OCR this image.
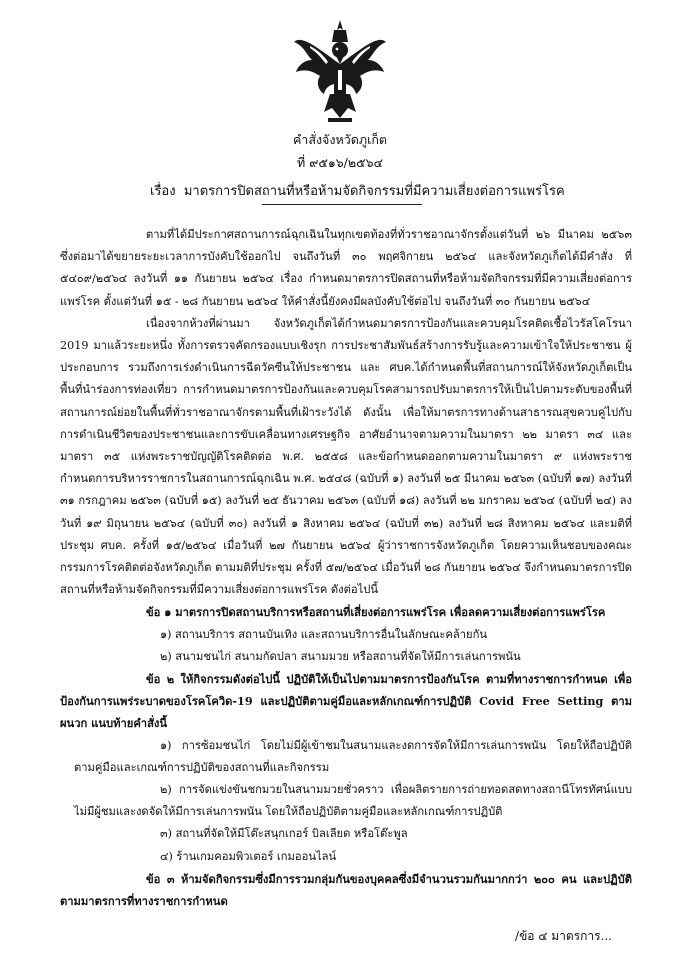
คำสั่งจังหวัดภูเก็ต
ที่ ๙๕๑๖/๒๕๖๔
เรื่อง มาตรการปิดสถานที่หรือห้ามจัดกิจกรรมที่มีความเสี่ยงต่อการแพร่โรค

ตามที่ได้มีประกาศสถานการณ์ฉุกเฉินในทุกเขตท้องที่ทั่วราชอาณาจักรตั้งแต่วันที่ ๒๖ มีนาคม ๒๕๖๓ ซึ่งต่อมาได้ขยายระยะเวลาการบังคับใช้ออกไป จนถึงวันที่ ๓๐ พฤศจิกายน ๒๕๖๔ และจังหวัดภูเก็ตได้มีคำสั่ง ที่ ๕๔๐๙/๒๕๖๔ ลงวันที่ ๑๑ กันยายน ๒๕๖๔ เรื่อง กำหนดมาตรการปิดสถานที่หรือห้ามจัดกิจกรรมที่มีความเสี่ยงต่อการแพร่โรค ตั้งแต่วันที่ ๑๕ - ๒๘ กันยายน ๒๕๖๔ ให้คำสั่งนี้ยังคงมีผลบังคับใช้ต่อไป จนถึงวันที่ ๓๐ กันยายน ๒๕๖๔

เนื่องจากห้วงที่ผ่านมา จังหวัดภูเก็ตได้กำหนดมาตรการป้องกันและควบคุมโรคติดเชื้อไวรัสโคโรนา 2019 มาแล้วระยะหนึ่ง ทั้งการตรวจคัดกรองแบบเชิงรุก การประชาสัมพันธ์สร้างการรับรู้และความเข้าใจให้ประชาชน ผู้ประกอบการ รวมถึงการเร่งดำเนินการฉีดวัคซีนให้ประชาชน และ ศบค.ได้กำหนดพื้นที่สถานการณ์ให้จังหวัดภูเก็ตเป็นพื้นที่นำร่องการท่องเที่ยว การกำหนดมาตรการป้องกันและควบคุมโรคสามารถปรับมาตรการให้เป็นไปตามระดับของพื้นที่สถานการณ์ย่อยในพื้นที่ทั่วราชอาณาจักรตามพื้นที่เฝ้าระวังได้ ดังนั้น เพื่อให้มาตรการทางด้านสาธารณสุขควบคู่ไปกับการดำเนินชีวิตของประชาชนและการขับเคลื่อนทางเศรษฐกิจ อาศัยอำนาจตามความในมาตรา ๒๒ มาตรา ๓๔ และมาตรา ๓๕ แห่งพระราชบัญญัติโรคติดต่อ พ.ศ. ๒๕๕๘ และข้อกำหนดออกตามความในมาตรา ๙ แห่งพระราชกำหนดการบริหารราชการในสถานการณ์ฉุกเฉิน พ.ศ. ๒๕๔๘ (ฉบับที่ ๑) ลงวันที่ ๒๕ มีนาคม ๒๕๖๓ (ฉบับที่ ๑๗) ลงวันที่ ๓๑ กรกฎาคม ๒๕๖๓ (ฉบับที่ ๑๕) ลงวันที่ ๒๕ ธันวาคม ๒๕๖๓ (ฉบับที่ ๑๘) ลงวันที่ ๒๒ มกราคม ๒๕๖๔ (ฉบับที่ ๒๔) ลงวันที่ ๑๙ มิถุนายน ๒๕๖๔ (ฉบับที่ ๓๐) ลงวันที่ ๑ สิงหาคม ๒๕๖๔ (ฉบับที่ ๓๒) ลงวันที่ ๒๘ สิงหาคม ๒๕๖๔ และมติที่ประชุม ศบค. ครั้งที่ ๑๕/๒๕๖๔ เมื่อวันที่ ๒๗ กันยายน ๒๕๖๔ ผู้ว่าราชการจังหวัดภูเก็ต โดยความเห็นชอบของคณะกรรมการโรคติดต่อจังหวัดภูเก็ต ตามมติที่ประชุม ครั้งที่ ๕๗/๒๕๖๔ เมื่อวันที่ ๒๘ กันยายน ๒๕๖๔ จึงกำหนดมาตรการปิดสถานที่หรือห้ามจัดกิจกรรมที่มีความเสี่ยงต่อการแพร่โรค ดังต่อไปนี้

ข้อ ๑ มาตรการปิดสถานบริการหรือสถานที่เสี่ยงต่อการแพร่โรค เพื่อลดความเสี่ยงต่อการแพร่โรค

๑) สถานบริการ สถานบันเทิง และสถานบริการอื่นในลักษณะคล้ายกัน

๒) สนามชนไก่ สนามกัดปลา สนามมวย หรือสถานที่จัดให้มีการเล่นการพนัน

ข้อ ๒ ให้กิจกรรมดังต่อไปนี้ ปฏิบัติให้เป็นไปตามมาตรการป้องกันโรค ตามที่ทางราชการกำหนด เพื่อป้องกันการแพร่ระบาดของโรคโควิด-19 และปฏิบัติตามคู่มือและหลักเกณฑ์การปฏิบัติ Covid Free Setting ตามผนวก แนบท้ายคำสั่งนี้

๑) การซ้อมชนไก่ โดยไม่มีผู้เข้าชมในสนามและงดการจัดให้มีการเล่นการพนัน โดยให้ถือปฏิบัติตามคู่มือและเกณฑ์การปฏิบัติของสถานที่และกิจกรรม

๒) การจัดแข่งขันชกมวยในสนามมวยชั่วคราว เพื่อผลิตรายการถ่ายทอดสดทางสถานีโทรทัศน์แบบไม่มีผู้ชมและงดจัดให้มีการเล่นการพนัน โดยให้ถือปฏิบัติตามคู่มือและหลักเกณฑ์การปฏิบัติ

๓) สถานที่จัดให้มีโต๊ะสนุกเกอร์ บิลเลียด หรือโต๊ะพูล

๔) ร้านเกมคอมพิวเตอร์ เกมออนไลน์

ข้อ ๓ ห้ามจัดกิจกรรมซึ่งมีการรวมกลุ่มกันของบุคคลซึ่งมีจำนวนรวมกันมากกว่า ๒๐๐ คน และปฏิบัติตามมาตรการที่ทางราชการกำหนด

/ข้อ ๔ มาตรการ...
